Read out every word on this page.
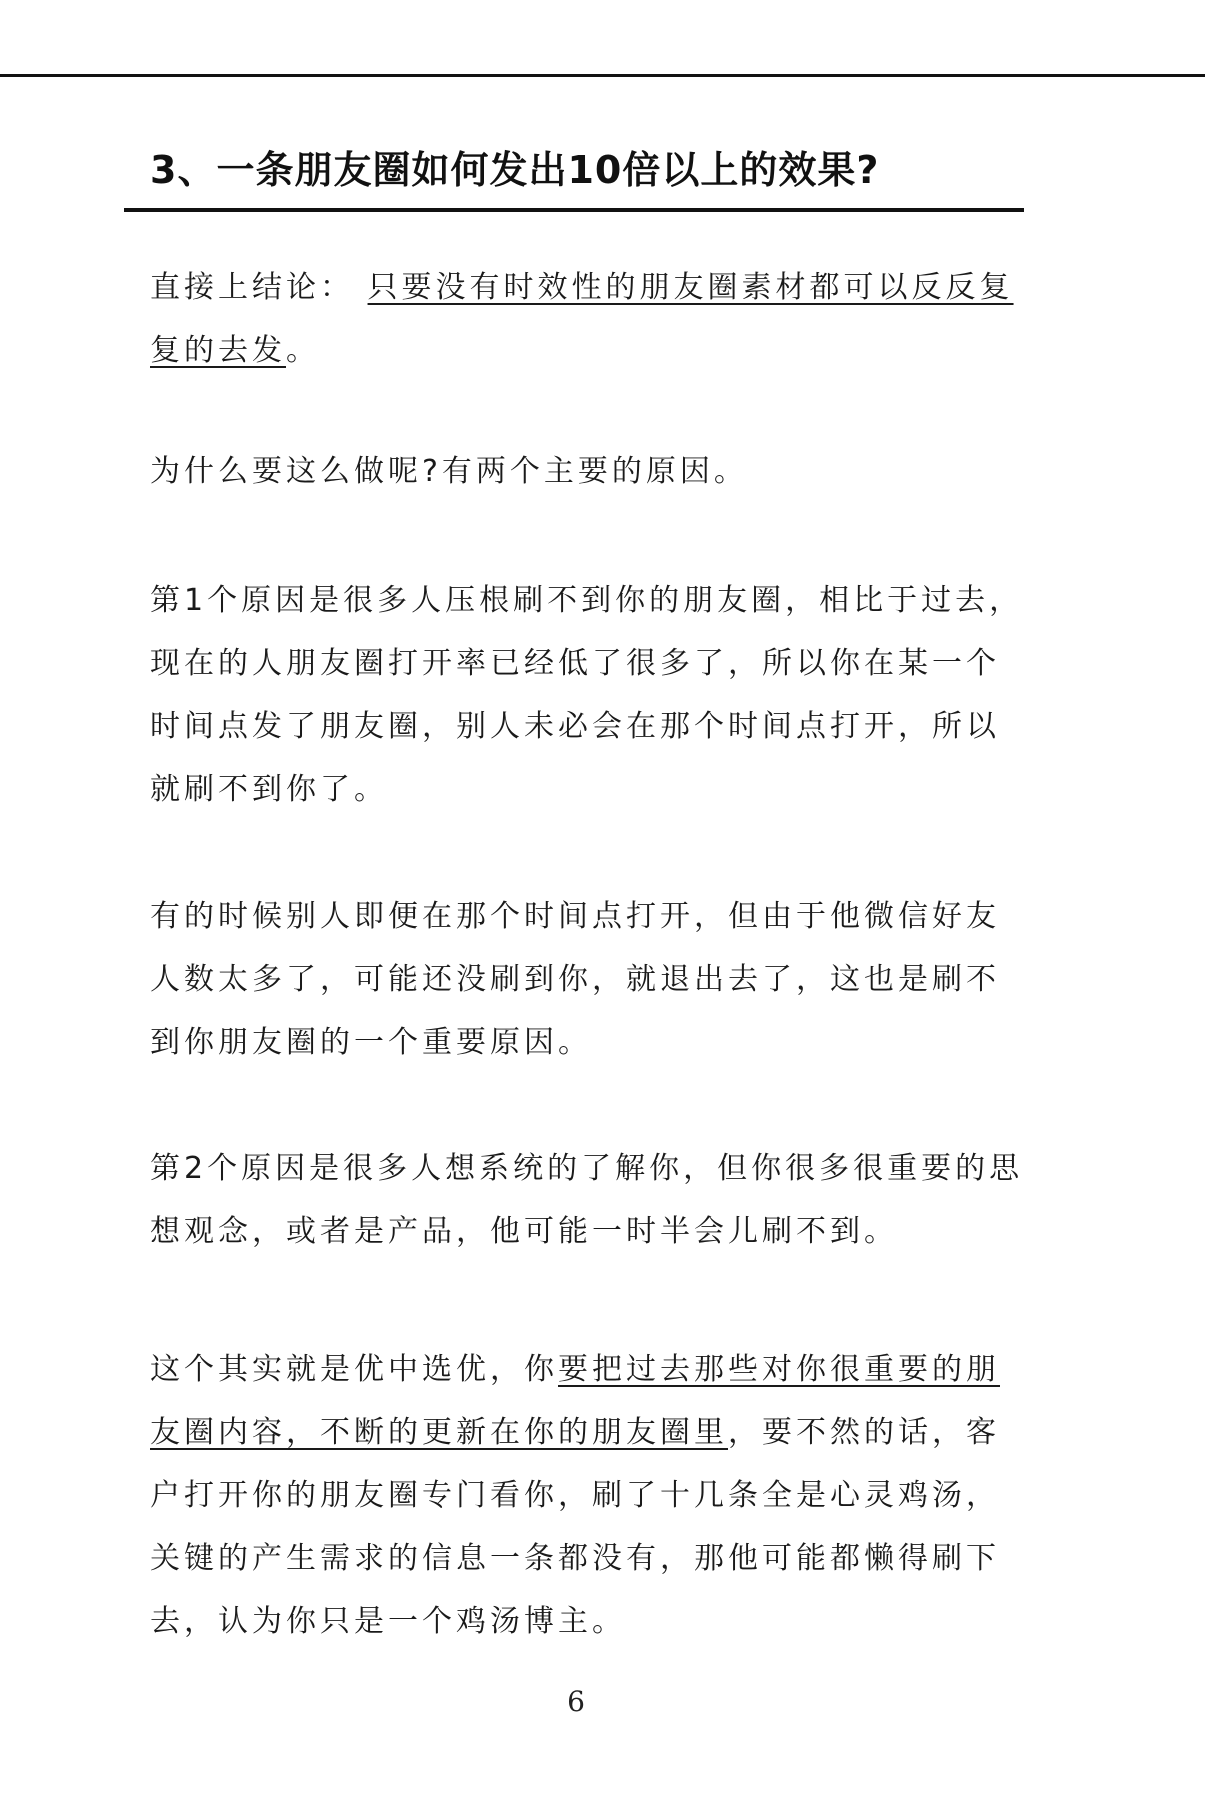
3、一条朋友圈如何发出10倍以上的效果?

直接上结论： 只要没有时效性的朋友圈素材都可以反反复复的去发。

为什么要这么做呢?有两个主要的原因。

第1个原因是很多人压根刷不到你的朋友圈，相比于过去，现在的人朋友圈打开率已经低了很多了，所以你在某一个时间点发了朋友圈，别人未必会在那个时间点打开，所以就刷不到你了。

有的时候别人即便在那个时间点打开，但由于他微信好友人数太多了，可能还没刷到你，就退出去了，这也是刷不到你朋友圈的一个重要原因。

第2个原因是很多人想系统的了解你，但你很多很重要的思想观念，或者是产品，他可能一时半会儿刷不到。

这个其实就是优中选优，你要把过去那些对你很重要的朋友圈内容，不断的更新在你的朋友圈里，要不然的话，客户打开你的朋友圈专门看你，刷了十几条全是心灵鸡汤，关键的产生需求的信息一条都没有，那他可能都懒得刷下去，认为你只是一个鸡汤博主。

6
